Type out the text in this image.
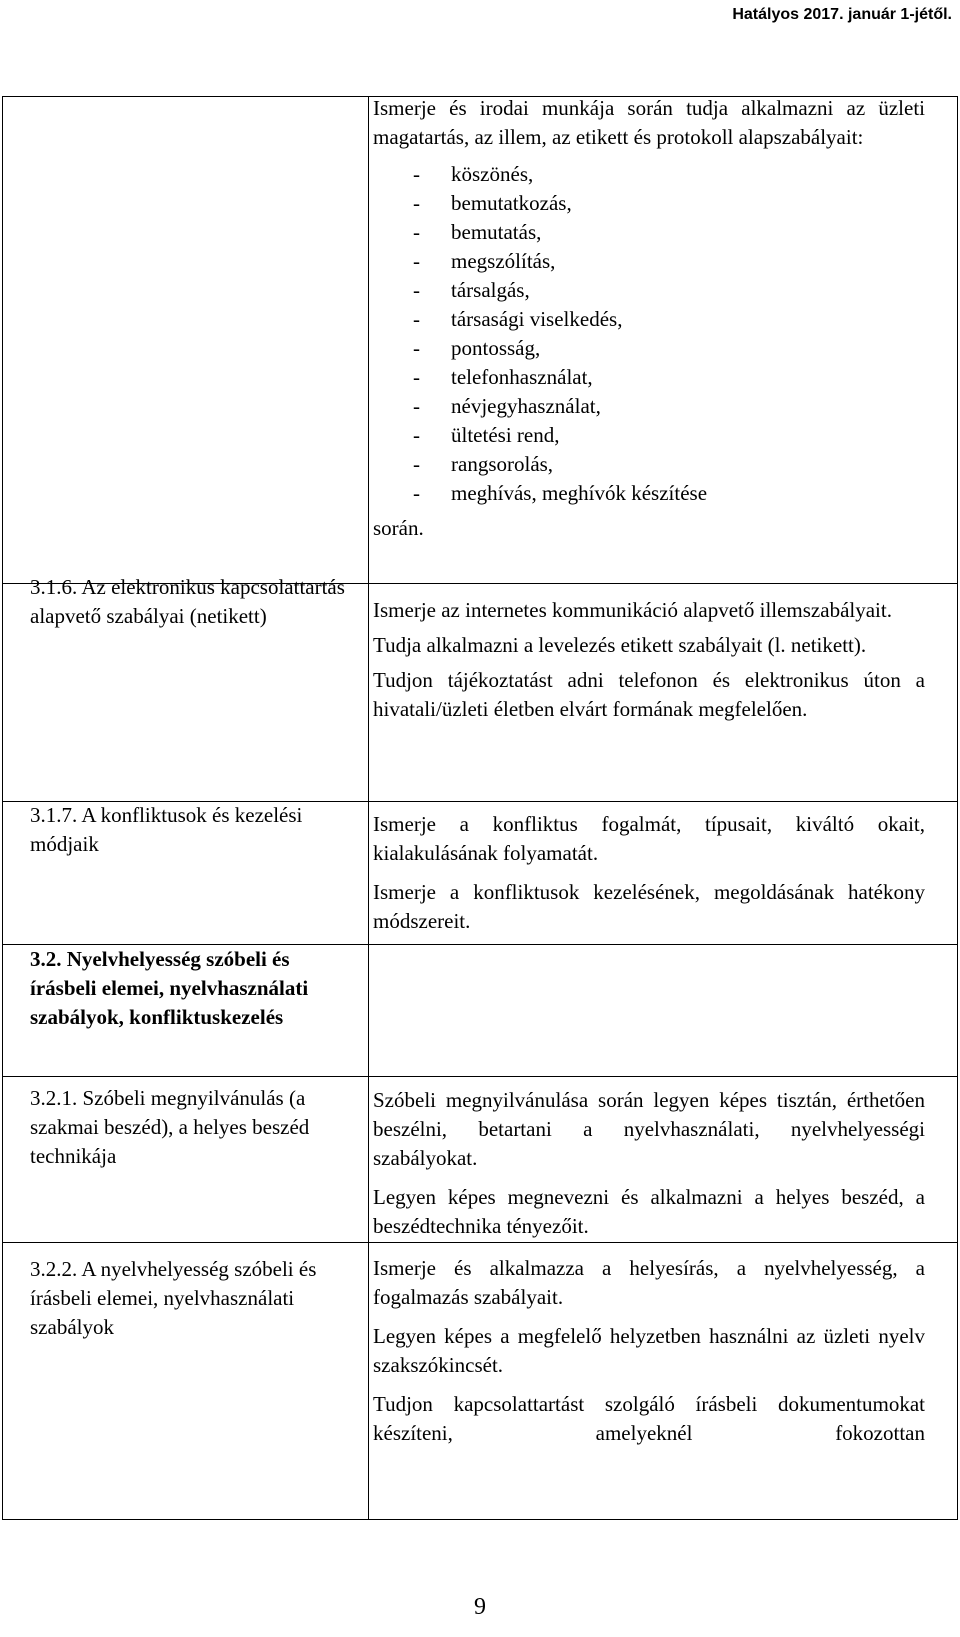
Hatályos 2017. január 1-jétől.
3.1.6. Az elektronikus kapcsolattartás alapvető szabályai (netikett)
3.1.7. A konfliktusok és kezelési módjaik
3.2. Nyelvhelyesség szóbeli és írásbeli elemei, nyelvhasználati szabályok, konfliktuskezelés
3.2.1. Szóbeli megnyilvánulás (a szakmai beszéd), a helyes beszéd technikája
3.2.2. A nyelvhelyesség szóbeli és írásbeli elemei, nyelvhasználati szabályok

Ismerje és irodai munkája során tudja alkalmazni az üzleti magatartás, az illem, az etikett és protokoll alapszabályait:

- köszönés,
- bemutatkozás,
- bemutatás,
- megszólítás,
- társalgás,
- társasági viselkedés,
- pontosság,
- telefonhasználat,
- névjegyhasználat,
- ültetési rend,
- rangsorolás,
- meghívás, meghívók készítése

során.

Ismerje az internetes kommunikáció alapvető illemszabályait.

Tudja alkalmazni a levelezés etikett szabályait (l. netikett).

Tudjon tájékoztatást adni telefonon és elektronikus úton a hivatali/üzleti életben elvárt formának megfelelően.

Ismerje a konfliktus fogalmát, típusait, kiváltó okait, kialakulásának folyamatát.

Ismerje a konfliktusok kezelésének, megoldásának hatékony módszereit.

Szóbeli megnyilvánulása során legyen képes tisztán, érthetően beszélni, betartani a nyelvhasználati, nyelvhelyességi szabályokat.

Legyen képes megnevezni és alkalmazni a helyes beszéd, a beszédtechnika tényezőit.

Ismerje és alkalmazza a helyesírás, a nyelvhelyesség, a fogalmazás szabályait.

Legyen képes a megfelelő helyzetben használni az üzleti nyelv szakszókincsét.

Tudjon kapcsolattartást szolgáló írásbeli dokumentumokat készíteni, amelyeknél fokozottan

9
